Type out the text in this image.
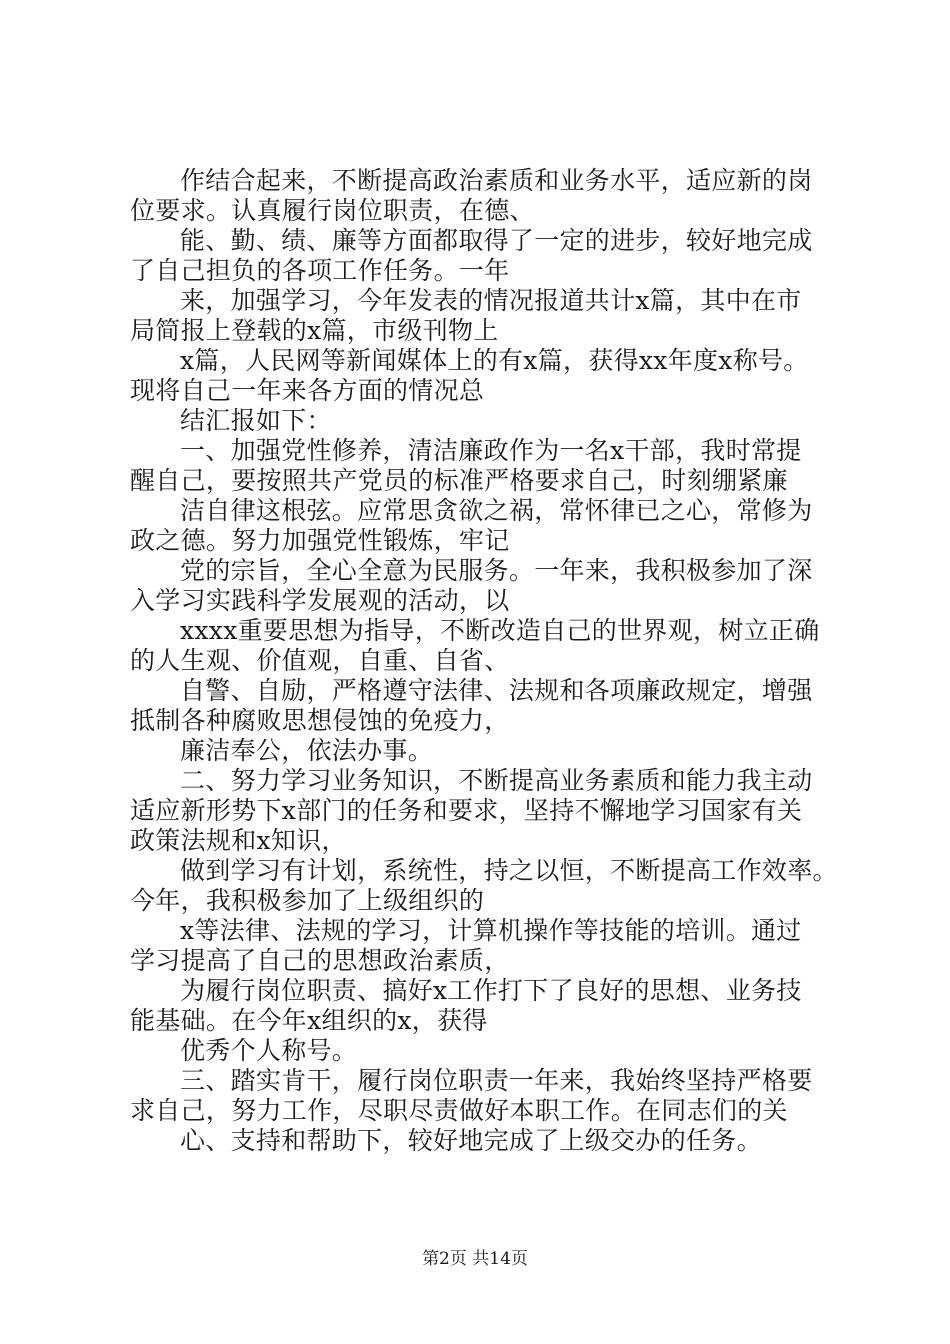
作结合起来，不断提高政治素质和业务水平，适应新的岗
位要求。认真履行岗位职责，在德、
能、勤、绩、廉等方面都取得了一定的进步，较好地完成
了自己担负的各项工作任务。一年
来，加强学习，今年发表的情况报道共计x篇，其中在市
局简报上登载的x篇，市级刊物上
x篇，人民网等新闻媒体上的有x篇，获得xx年度x称号。
现将自己一年来各方面的情况总
结汇报如下：
一、加强党性修养，清洁廉政作为一名x干部，我时常提
醒自己，要按照共产党员的标准严格要求自己，时刻绷紧廉
洁自律这根弦。应常思贪欲之祸，常怀律已之心，常修为
政之德。努力加强党性锻炼，牢记
党的宗旨，全心全意为民服务。一年来，我积极参加了深
入学习实践科学发展观的活动，以
xxxx重要思想为指导，不断改造自己的世界观，树立正确
的人生观、价值观，自重、自省、
自警、自励，严格遵守法律、法规和各项廉政规定，增强
抵制各种腐败思想侵蚀的免疫力，
廉洁奉公，依法办事。
二、努力学习业务知识，不断提高业务素质和能力我主动
适应新形势下x部门的任务和要求，坚持不懈地学习国家有关
政策法规和x知识，
做到学习有计划，系统性，持之以恒，不断提高工作效率。
今年，我积极参加了上级组织的
x等法律、法规的学习，计算机操作等技能的培训。通过
学习提高了自己的思想政治素质，
为履行岗位职责、搞好x工作打下了良好的思想、业务技
能基础。在今年x组织的x，获得
优秀个人称号。
三、踏实肯干，履行岗位职责一年来，我始终坚持严格要
求自己，努力工作，尽职尽责做好本职工作。在同志们的关
心、支持和帮助下，较好地完成了上级交办的任务。
第2页 共14页
